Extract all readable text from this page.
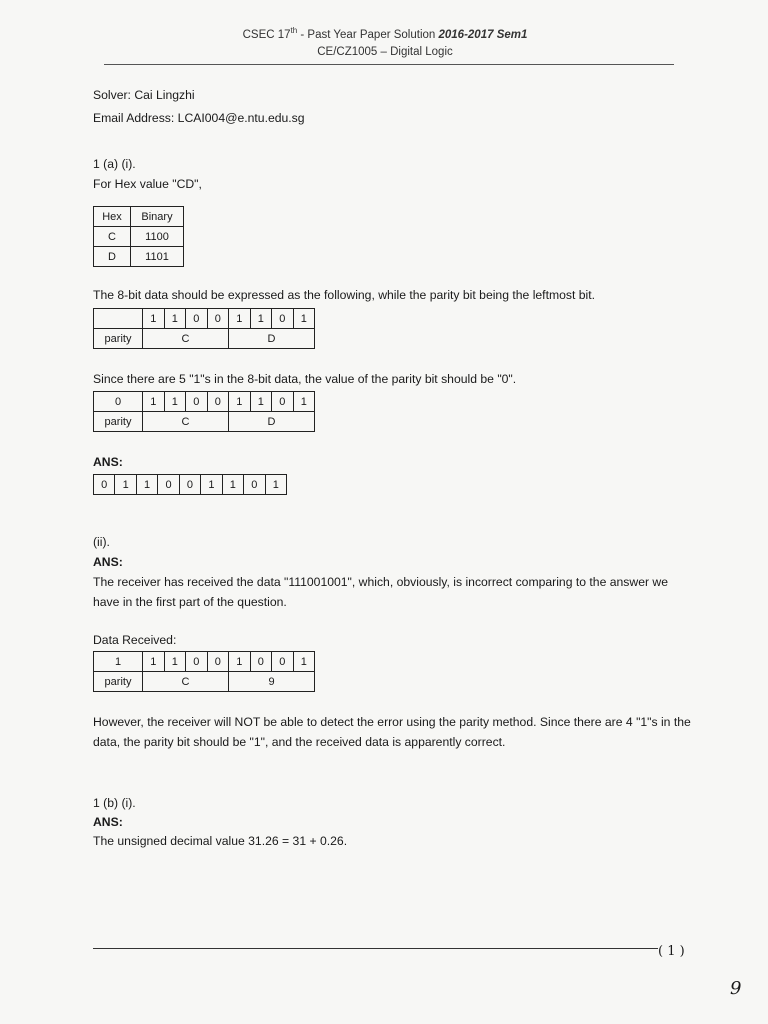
CSEC 17th - Past Year Paper Solution 2016-2017 Sem1
CE/CZ1005 – Digital Logic
Solver: Cai Lingzhi
Email Address: LCAI004@e.ntu.edu.sg
1 (a) (i).
For Hex value "CD",
Hex	Binary
C	1100
D	1101
The 8-bit data should be expressed as the following, while the parity bit being the leftmost bit.
	1	1	0	0	1	1	0	1
parity	C				D			
Since there are 5 "1"s in the 8-bit data, the value of the parity bit should be "0".
0	1	1	0	0	1	1	0	1
parity	C				D			
ANS:
0	1	1	0	0	1	1	0	1
(ii).
ANS:
The receiver has received the data "111001001", which, obviously, is incorrect comparing to the answer we have in the first part of the question.
Data Received:
1	1	1	0	0	1	0	0	1
parity	C				9			
However, the receiver will NOT be able to detect the error using the parity method. Since there are 4 "1"s in the data, the parity bit should be "1", and the received data is apparently correct.
1 (b) (i).
ANS:
The unsigned decimal value 31.26 = 31 + 0.26.
( 1 )
9
